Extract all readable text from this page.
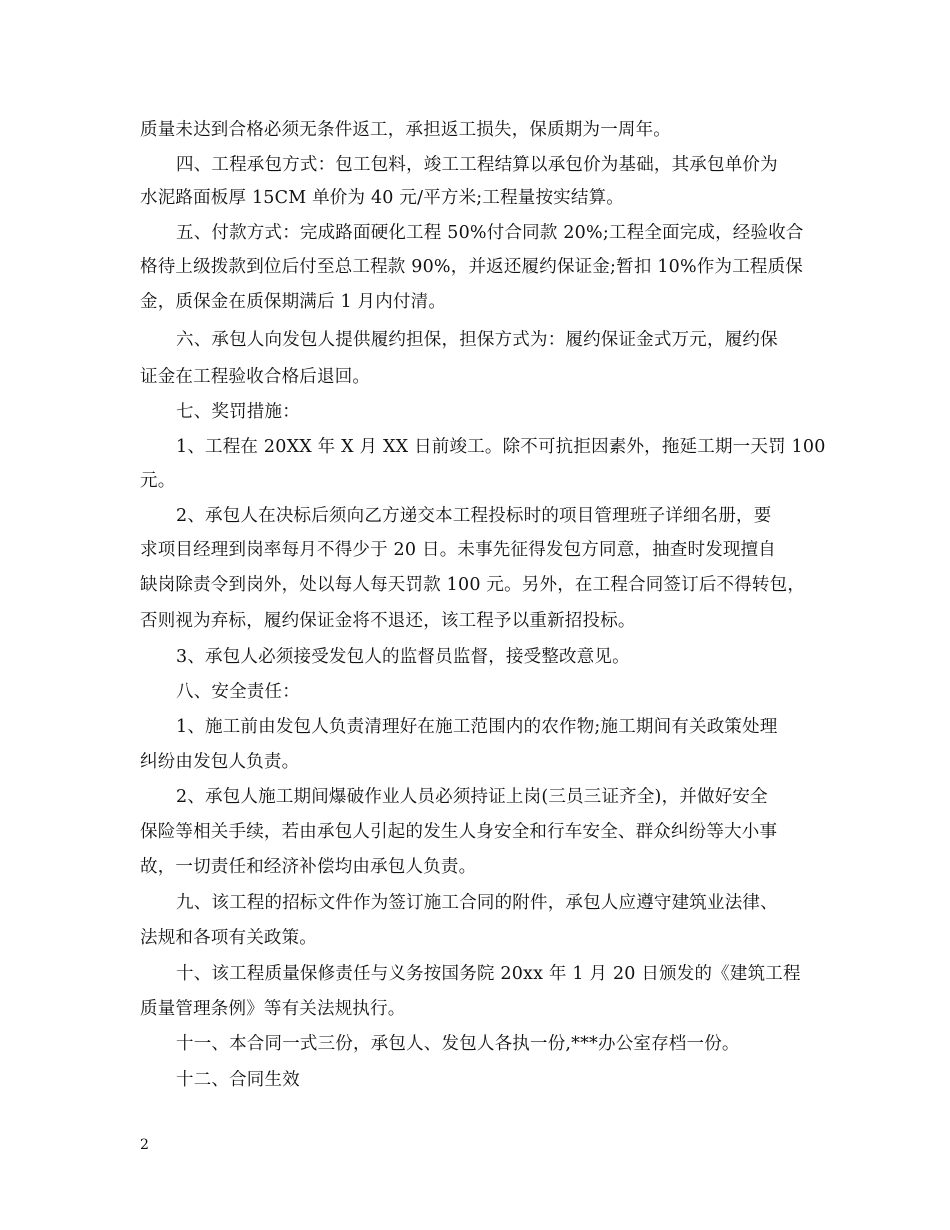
质量未达到合格必须无条件返工，承担返工损失，保质期为一周年。
四、工程承包方式：包工包料，竣工工程结算以承包价为基础，其承包单价为
水泥路面板厚 15CM 单价为 40 元/平方米;工程量按实结算。
五、付款方式：完成路面硬化工程 50%付合同款 20%;工程全面完成，经验收合
格待上级拨款到位后付至总工程款 90%，并返还履约保证金;暂扣 10%作为工程质保
金，质保金在质保期满后 1 月内付清。
六、承包人向发包人提供履约担保，担保方式为：履约保证金式万元，履约保
证金在工程验收合格后退回。
七、奖罚措施：
1、工程在 20XX 年 X 月 XX 日前竣工。除不可抗拒因素外，拖延工期一天罚 100
元。
2、承包人在决标后须向乙方递交本工程投标时的项目管理班子详细名册，要
求项目经理到岗率每月不得少于 20 日。未事先征得发包方同意，抽查时发现擅自
缺岗除责令到岗外，处以每人每天罚款 100 元。另外，在工程合同签订后不得转包，
否则视为弃标，履约保证金将不退还，该工程予以重新招投标。
3、承包人必须接受发包人的监督员监督，接受整改意见。
八、安全责任：
1、施工前由发包人负责清理好在施工范围内的农作物;施工期间有关政策处理
纠纷由发包人负责。
2、承包人施工期间爆破作业人员必须持证上岗(三员三证齐全)，并做好安全
保险等相关手续，若由承包人引起的发生人身安全和行车安全、群众纠纷等大小事
故，一切责任和经济补偿均由承包人负责。
九、该工程的招标文件作为签订施工合同的附件，承包人应遵守建筑业法律、
法规和各项有关政策。
十、该工程质量保修责任与义务按国务院 20xx 年 1 月 20 日颁发的《建筑工程
质量管理条例》等有关法规执行。
十一、本合同一式三份，承包人、发包人各执一份,***办公室存档一份。
十二、合同生效
2
